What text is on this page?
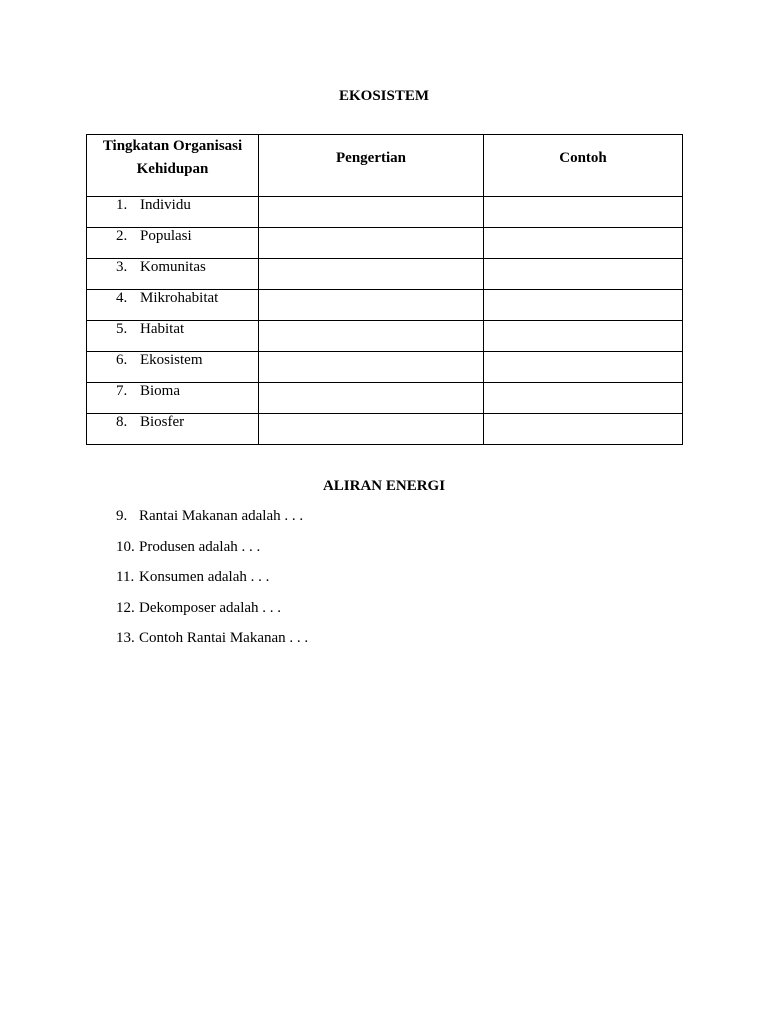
EKOSISTEM
Tingkatan Organisasi
Kehidupan	Pengertian	Contoh
1. Individu		
2. Populasi		
3. Komunitas		
4. Mikrohabitat		
5. Habitat		
6. Ekosistem		
7. Bioma		
8. Biosfer		
ALIRAN ENERGI
9. Rantai Makanan adalah . . .
10. Produsen adalah . . .
11. Konsumen adalah . . .
12. Dekomposer adalah . . .
13. Contoh Rantai Makanan . . .
